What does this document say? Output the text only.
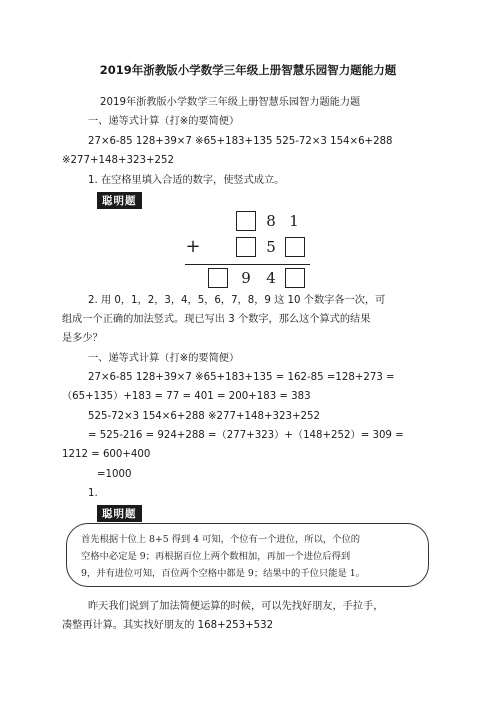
2019年浙教版小学数学三年级上册智慧乐园智力题能力题
2019年浙教版小学数学三年级上册智慧乐园智力题能力题
一、递等式计算（打※的要简便）
27×6-85 128+39×7 ※65+183+135 525-72×3 154×6+288
※277+148+323+252
1. 在空格里填入合适的数字，使竖式成立。
聪明题
8 1
+	5
9	4
2. 用 0，1，2，3，4，5，6，7，8，9 这 10 个数字各一次，可
组成一个正确的加法竖式。现已写出 3 个数字，那么这个算式的结果
是多少？
一、递等式计算（打※的要简便）
27×6-85 128+39×7 ※65+183+135 = 162-85 =128+273 =
（65+135）+183 = 77 = 401 = 200+183 = 383
525-72×3 154×6+288 ※277+148+323+252
= 525-216 = 924+288 =（277+323）+（148+252）= 309 =
1212 = 600+400
=1000
1.
聪明题
首先根据十位上 8+5 得到 4 可知，个位有一个进位，所以，个位的
空格中必定是 9；再根据百位上两个数相加，再加一个进位后得到
9，并有进位可知，百位两个空格中都是 9；结果中的千位只能是 1。
昨天我们说到了加法简便运算的时候，可以先找好朋友，手拉手，
凑整再计算。其实找好朋友的 168+253+532
